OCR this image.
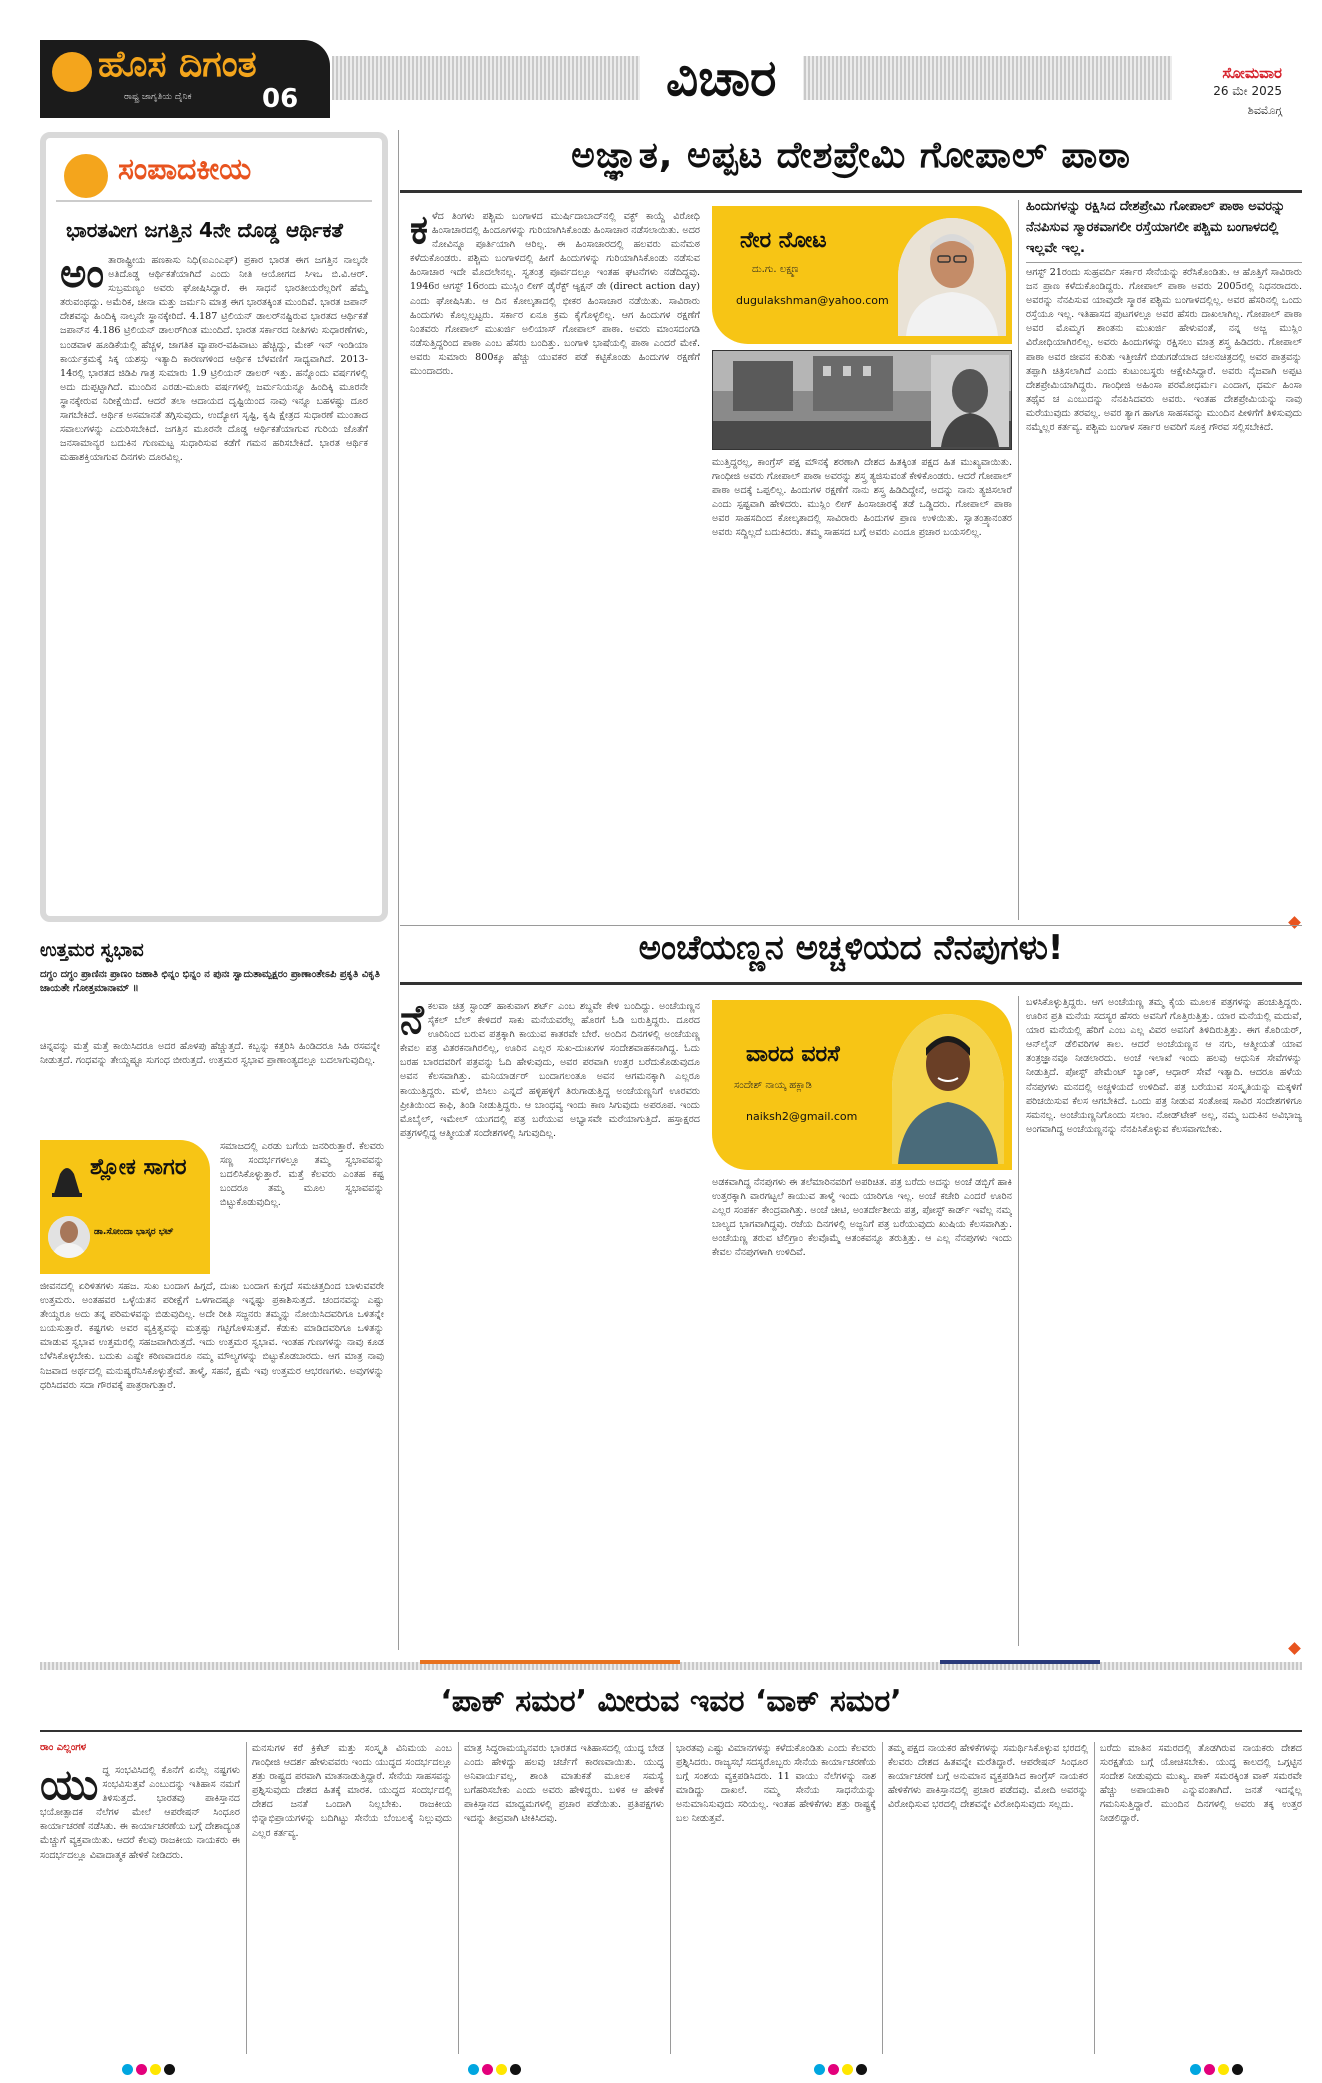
ಹೊಸ ದಿಗಂತ
ರಾಷ್ಟ್ರ ಜಾಗೃತಿಯ ದೈನಿಕ	06	ವಿಚಾರ	ಸೋಮವಾರ
26 ಮೇ 2025
ಶಿವಮೊಗ್ಗ
ಸಂಪಾದಕೀಯ
ಭಾರತವೀಗ ಜಗತ್ತಿನ 4ನೇ ದೊಡ್ಡ ಆರ್ಥಿಕತೆ
ಅಂ ತಾರಾಷ್ಟ್ರೀಯ ಹಣಕಾಸು ನಿಧಿ(ಐಎಂಎಫ್) ಪ್ರಕಾರ ಭಾರತ ಈಗ ಜಗತ್ತಿನ ನಾಲ್ಕನೇ ಅತಿದೊಡ್ಡ ಆರ್ಥಿಕತೆಯಾಗಿದೆ ಎಂದು ನೀತಿ ಆಯೋಗದ ಸಿಇಒ ಬಿ.ವಿ.ಆರ್. ಸುಬ್ರಮಣ್ಯಂ ಅವರು ಘೋಷಿಸಿದ್ದಾರೆ. ಈ ಸಾಧನೆ ಭಾರತೀಯರೆಲ್ಲರಿಗೆ ಹೆಮ್ಮೆ ತರುವಂಥದ್ದು. ಅಮೆರಿಕ, ಚೀನಾ ಮತ್ತು ಜರ್ಮನಿ ಮಾತ್ರ ಈಗ ಭಾರತಕ್ಕಿಂತ ಮುಂದಿವೆ. ಭಾರತ ಜಪಾನ್ ದೇಶವನ್ನು ಹಿಂದಿಕ್ಕಿ ನಾಲ್ಕನೇ ಸ್ಥಾನಕ್ಕೇರಿದೆ. 4.187 ಟ್ರಿಲಿಯನ್ ಡಾಲರ್‌ನಷ್ಟಿರುವ ಭಾರತದ ಆರ್ಥಿಕತೆ ಜಪಾನ್‌ನ 4.186 ಟ್ರಿಲಿಯನ್ ಡಾಲರ್‌ಗಿಂತ ಮುಂದಿದೆ. ಭಾರತ ಸರ್ಕಾರದ ನೀತಿಗಳು ಸುಧಾರಣೆಗಳು, ಬಂಡವಾಳ ಹೂಡಿಕೆಯಲ್ಲಿ ಹೆಚ್ಚಳ, ಜಾಗತಿಕ ವ್ಯಾಪಾರ-ವಹಿವಾಟು ಹೆಚ್ಚಿದ್ದು, ಮೇಕ್ ಇನ್ ಇಂಡಿಯಾ ಕಾರ್ಯಕ್ರಮಕ್ಕೆ ಸಿಕ್ಕ ಯಶಸ್ಸು ಇತ್ಯಾದಿ ಕಾರಣಗಳಿಂದ ಆರ್ಥಿಕ ಬೆಳವಣಿಗೆ ಸಾಧ್ಯವಾಗಿದೆ. 2013-14ರಲ್ಲಿ ಭಾರತದ ಜಿಡಿಪಿ ಗಾತ್ರ ಸುಮಾರು 1.9 ಟ್ರಿಲಿಯನ್ ಡಾಲರ್ ಇತ್ತು. ಹನ್ನೊಂದು ವರ್ಷಗಳಲ್ಲಿ ಅದು ದುಪ್ಪಟ್ಟಾಗಿದೆ. ಮುಂದಿನ ಎರಡು-ಮೂರು ವರ್ಷಗಳಲ್ಲಿ ಜರ್ಮನಿಯನ್ನೂ ಹಿಂದಿಕ್ಕಿ ಮೂರನೇ ಸ್ಥಾನಕ್ಕೇರುವ ನಿರೀಕ್ಷೆಯಿದೆ. ಆದರೆ ತಲಾ ಆದಾಯದ ದೃಷ್ಟಿಯಿಂದ ನಾವು ಇನ್ನೂ ಬಹಳಷ್ಟು ದೂರ ಸಾಗಬೇಕಿದೆ. ಆರ್ಥಿಕ ಅಸಮಾನತೆ ತಗ್ಗಿಸುವುದು, ಉದ್ಯೋಗ ಸೃಷ್ಟಿ, ಕೃಷಿ ಕ್ಷೇತ್ರದ ಸುಧಾರಣೆ ಮುಂತಾದ ಸವಾಲುಗಳನ್ನು ಎದುರಿಸಬೇಕಿದೆ. ಜಗತ್ತಿನ ಮೂರನೇ ದೊಡ್ಡ ಆರ್ಥಿಕತೆಯಾಗುವ ಗುರಿಯ ಜೊತೆಗೆ ಜನಸಾಮಾನ್ಯರ ಬದುಕಿನ ಗುಣಮಟ್ಟ ಸುಧಾರಿಸುವ ಕಡೆಗೆ ಗಮನ ಹರಿಸಬೇಕಿದೆ. ಭಾರತ ಆರ್ಥಿಕ ಮಹಾಶಕ್ತಿಯಾಗುವ ದಿನಗಳು ದೂರವಿಲ್ಲ.
ಅಜ್ಞಾತ, ಅಪ್ಪಟ ದೇಶಪ್ರೇಮಿ ಗೋಪಾಲ್ ಪಾಠಾ
ಕ ಳೆದ ತಿಂಗಳು ಪಶ್ಚಿಮ ಬಂಗಾಳದ ಮುರ್ಷಿದಾಬಾದ್‌ನಲ್ಲಿ ವಕ್ಫ್ ಕಾಯ್ದೆ ವಿರೋಧಿ ಹಿಂಸಾಚಾರದಲ್ಲಿ ಹಿಂದೂಗಳನ್ನು ಗುರಿಯಾಗಿಸಿಕೊಂಡು ಹಿಂಸಾಚಾರ ನಡೆಸಲಾಯಿತು. ಅದರ ನೋವಿನ್ನೂ ಪೂರ್ತಿಯಾಗಿ ಆರಿಲ್ಲ. ಈ ಹಿಂಸಾಚಾರದಲ್ಲಿ ಹಲವರು ಮನೆಮಠ ಕಳೆದುಕೊಂಡರು. ಪಶ್ಚಿಮ ಬಂಗಾಳದಲ್ಲಿ ಹೀಗೆ ಹಿಂದುಗಳನ್ನು ಗುರಿಯಾಗಿಸಿಕೊಂಡು ನಡೆಸುವ ಹಿಂಸಾಚಾರ ಇದೇ ಮೊದಲೇನಲ್ಲ. ಸ್ವತಂತ್ರ ಪೂರ್ವದಲ್ಲೂ ಇಂತಹ ಘಟನೆಗಳು ನಡೆದಿದ್ದವು. 1946ರ ಆಗಸ್ಟ್ 16ರಂದು ಮುಸ್ಲಿಂ ಲೀಗ್ ಡೈರೆಕ್ಟ್ ಆ್ಯಕ್ಷನ್ ಡೇ (direct action day) ಎಂದು ಘೋಷಿಸಿತು. ಆ ದಿನ ಕೋಲ್ಕತಾದಲ್ಲಿ ಭೀಕರ ಹಿಂಸಾಚಾರ ನಡೆಯಿತು. ಸಾವಿರಾರು ಹಿಂದುಗಳು ಕೊಲ್ಲಲ್ಪಟ್ಟರು. ಸರ್ಕಾರ ಏನೂ ಕ್ರಮ ಕೈಗೊಳ್ಳಲಿಲ್ಲ. ಆಗ ಹಿಂದುಗಳ ರಕ್ಷಣೆಗೆ ನಿಂತವರು ಗೋಪಾಲ್ ಮುಖರ್ಜಿ ಅಲಿಯಾಸ್ ಗೋಪಾಲ್ ಪಾಠಾ. ಅವರು ಮಾಂಸದಂಗಡಿ ನಡೆಸುತ್ತಿದ್ದರಿಂದ ಪಾಠಾ ಎಂಬ ಹೆಸರು ಬಂದಿತ್ತು. ಬಂಗಾಳಿ ಭಾಷೆಯಲ್ಲಿ ಪಾಠಾ ಎಂದರೆ ಮೇಕೆ. ಅವರು ಸುಮಾರು 800ಕ್ಕೂ ಹೆಚ್ಚು ಯುವಕರ ಪಡೆ ಕಟ್ಟಿಕೊಂಡು ಹಿಂದುಗಳ ರಕ್ಷಣೆಗೆ ಮುಂದಾದರು.
ನೇರ ನೋಟ
ದು.ಗು. ಲಕ್ಷ್ಮಣ
dugulakshman@yahoo.com
ಮುತ್ತಿದ್ದರಲ್ಲ, ಕಾಂಗ್ರೆಸ್ ಪಕ್ಷ ಮೌನಕ್ಕೆ ಶರಣಾಗಿ ದೇಶದ ಹಿತಕ್ಕಿಂತ ಪಕ್ಷದ ಹಿತ ಮುಖ್ಯವಾಯಿತು. ಗಾಂಧೀಜಿ ಅವರು ಗೋಪಾಲ್ ಪಾಠಾ ಅವರನ್ನು ಶಸ್ತ್ರ ತ್ಯಜಿಸುವಂತೆ ಕೇಳಿಕೊಂಡರು. ಆದರೆ ಗೋಪಾಲ್ ಪಾಠಾ ಅದಕ್ಕೆ ಒಪ್ಪಲಿಲ್ಲ. ಹಿಂದುಗಳ ರಕ್ಷಣೆಗೆ ನಾನು ಶಸ್ತ್ರ ಹಿಡಿದಿದ್ದೇನೆ, ಅದನ್ನು ನಾನು ತ್ಯಜಿಸಲಾರೆ ಎಂದು ಸ್ಪಷ್ಟವಾಗಿ ಹೇಳಿದರು. ಮುಸ್ಲಿಂ ಲೀಗ್ ಹಿಂಸಾಚಾರಕ್ಕೆ ತಡೆ ಒಡ್ಡಿದರು. ಗೋಪಾಲ್ ಪಾಠಾ ಅವರ ಸಾಹಸದಿಂದ ಕೋಲ್ಕತಾದಲ್ಲಿ ಸಾವಿರಾರು ಹಿಂದುಗಳ ಪ್ರಾಣ ಉಳಿಯಿತು. ಸ್ವಾತಂತ್ರ್ಯಾನಂತರ ಅವರು ಸದ್ದಿಲ್ಲದೆ ಬದುಕಿದರು. ತಮ್ಮ ಸಾಹಸದ ಬಗ್ಗೆ ಅವರು ಎಂದೂ ಪ್ರಚಾರ ಬಯಸಲಿಲ್ಲ.
ಹಿಂದುಗಳನ್ನು ರಕ್ಷಿಸಿದ ದೇಶಪ್ರೇಮಿ ಗೋಪಾಲ್ ಪಾಠಾ ಅವರನ್ನು ನೆನಪಿಸುವ ಸ್ಮಾರಕವಾಗಲೀ ರಸ್ತೆಯಾಗಲೀ ಪಶ್ಚಿಮ ಬಂಗಾಳದಲ್ಲಿ ಇಲ್ಲವೇ ಇಲ್ಲ.
ಆಗಸ್ಟ್ 21ರಂದು ಸುಹ್ರವರ್ದಿ ಸರ್ಕಾರ ಸೇನೆಯನ್ನು ಕರೆಸಿಕೊಂಡಿತು. ಆ ಹೊತ್ತಿಗೆ ಸಾವಿರಾರು ಜನ ಪ್ರಾಣ ಕಳೆದುಕೊಂಡಿದ್ದರು. ಗೋಪಾಲ್ ಪಾಠಾ ಅವರು 2005ರಲ್ಲಿ ನಿಧನರಾದರು. ಅವರನ್ನು ನೆನಪಿಸುವ ಯಾವುದೇ ಸ್ಮಾರಕ ಪಶ್ಚಿಮ ಬಂಗಾಳದಲ್ಲಿಲ್ಲ. ಅವರ ಹೆಸರಿನಲ್ಲಿ ಒಂದು ರಸ್ತೆಯೂ ಇಲ್ಲ. ಇತಿಹಾಸದ ಪುಟಗಳಲ್ಲೂ ಅವರ ಹೆಸರು ದಾಖಲಾಗಿಲ್ಲ. ಗೋಪಾಲ್ ಪಾಠಾ ಅವರ ಮೊಮ್ಮಗ ಶಾಂತನು ಮುಖರ್ಜಿ ಹೇಳುವಂತೆ, ನನ್ನ ಅಜ್ಜ ಮುಸ್ಲಿಂ ವಿರೋಧಿಯಾಗಿರಲಿಲ್ಲ. ಅವರು ಹಿಂದುಗಳನ್ನು ರಕ್ಷಿಸಲು ಮಾತ್ರ ಶಸ್ತ್ರ ಹಿಡಿದರು. ಗೋಪಾಲ್ ಪಾಠಾ ಅವರ ಜೀವನ ಕುರಿತು ಇತ್ತೀಚೆಗೆ ಬಿಡುಗಡೆಯಾದ ಚಲನಚಿತ್ರದಲ್ಲಿ ಅವರ ಪಾತ್ರವನ್ನು ತಪ್ಪಾಗಿ ಚಿತ್ರಿಸಲಾಗಿದೆ ಎಂದು ಕುಟುಂಬಸ್ಥರು ಆಕ್ಷೇಪಿಸಿದ್ದಾರೆ. ಅವರು ನೈಜವಾಗಿ ಅಪ್ಪಟ ದೇಶಪ್ರೇಮಿಯಾಗಿದ್ದರು. ಗಾಂಧೀಜಿ ಅಹಿಂಸಾ ಪರಮೋಧರ್ಮಃ ಎಂದಾಗ, ಧರ್ಮ ಹಿಂಸಾ ತಥೈವ ಚ ಎಂಬುದನ್ನು ನೆನಪಿಸಿದವರು ಅವರು. ಇಂತಹ ದೇಶಪ್ರೇಮಿಯನ್ನು ನಾವು ಮರೆಯುವುದು ತರವಲ್ಲ. ಅವರ ತ್ಯಾಗ ಹಾಗೂ ಸಾಹಸವನ್ನು ಮುಂದಿನ ಪೀಳಿಗೆಗೆ ತಿಳಿಸುವುದು ನಮ್ಮೆಲ್ಲರ ಕರ್ತವ್ಯ. ಪಶ್ಚಿಮ ಬಂಗಾಳ ಸರ್ಕಾರ ಅವರಿಗೆ ಸೂಕ್ತ ಗೌರವ ಸಲ್ಲಿಸಬೇಕಿದೆ.
ಉತ್ತಮರ ಸ್ವಭಾವ
ದಗ್ಧಂ ದಗ್ಧಂ ಪ್ರಾಣಿನಃ ಪ್ರಾಣಂ ಜಹಾತಿ ಛಿನ್ನಂ ಭಿನ್ನಂ ನ ಪುನಃ ಸ್ವಾದುತಾಮ್ಪಕ್ಷರಂ ಪ್ರಾಣಾಂತೇಽಪಿ ಪ್ರಕೃತಿ ವಿಕೃತಿ ಜಾಯತೇ ಗೋತ್ತಮಾನಾಮ್ ॥
ಚಿನ್ನವನ್ನು ಮತ್ತೆ ಮತ್ತೆ ಕಾಯಿಸಿದರೂ ಅದರ ಹೊಳಪು ಹೆಚ್ಚುತ್ತದೆ. ಕಬ್ಬನ್ನು ಕತ್ತರಿಸಿ ಹಿಂಡಿದರೂ ಸಿಹಿ ರಸವನ್ನೇ ನೀಡುತ್ತದೆ. ಗಂಧವನ್ನು ತೇಯ್ದಷ್ಟೂ ಸುಗಂಧ ಬೀರುತ್ತದೆ. ಉತ್ತಮರ ಸ್ವಭಾವ ಪ್ರಾಣಾಂತ್ಯದಲ್ಲೂ ಬದಲಾಗುವುದಿಲ್ಲ.
ಶ್ಲೋಕ ಸಾಗರ
ಡಾ.ಸೋಂದಾ ಭಾಸ್ಕರ ಭಟ್
ಸಮಾಜದಲ್ಲಿ ಎರಡು ಬಗೆಯ ಜನರಿರುತ್ತಾರೆ. ಕೆಲವರು ಸಣ್ಣ ಸಂದರ್ಭಗಳಲ್ಲೂ ತಮ್ಮ ಸ್ವಭಾವವನ್ನು ಬದಲಿಸಿಕೊಳ್ಳುತ್ತಾರೆ. ಮತ್ತೆ ಕೆಲವರು ಎಂತಹ ಕಷ್ಟ ಬಂದರೂ ತಮ್ಮ ಮೂಲ ಸ್ವಭಾವವನ್ನು ಬಿಟ್ಟುಕೊಡುವುದಿಲ್ಲ.
ಜೀವನದಲ್ಲಿ ಏರಿಳಿತಗಳು ಸಹಜ. ಸುಖ ಬಂದಾಗ ಹಿಗ್ಗದೆ, ದುಃಖ ಬಂದಾಗ ಕುಗ್ಗದೆ ಸಮಚಿತ್ತದಿಂದ ಬಾಳುವವರೇ ಉತ್ತಮರು. ಅಂತಹವರ ಒಳ್ಳೆಯತನ ಪರೀಕ್ಷೆಗೆ ಒಳಗಾದಷ್ಟೂ ಇನ್ನಷ್ಟು ಪ್ರಕಾಶಿಸುತ್ತದೆ. ಚಂದನವನ್ನು ಎಷ್ಟು ತೇಯ್ದರೂ ಅದು ತನ್ನ ಪರಿಮಳವನ್ನು ಬಿಡುವುದಿಲ್ಲ. ಅದೇ ರೀತಿ ಸಜ್ಜನರು ತಮ್ಮನ್ನು ನೋಯಿಸಿದವರಿಗೂ ಒಳಿತನ್ನೇ ಬಯಸುತ್ತಾರೆ. ಕಷ್ಟಗಳು ಅವರ ವ್ಯಕ್ತಿತ್ವವನ್ನು ಮತ್ತಷ್ಟು ಗಟ್ಟಿಗೊಳಿಸುತ್ತವೆ. ಕೆಡುಕು ಮಾಡಿದವರಿಗೂ ಒಳಿತನ್ನು ಮಾಡುವ ಸ್ವಭಾವ ಉತ್ತಮರಲ್ಲಿ ಸಹಜವಾಗಿರುತ್ತದೆ. ಇದು ಉತ್ತಮರ ಸ್ವಭಾವ. ಇಂತಹ ಗುಣಗಳನ್ನು ನಾವು ಕೂಡ ಬೆಳೆಸಿಕೊಳ್ಳಬೇಕು. ಬದುಕು ಎಷ್ಟೇ ಕಠಿಣವಾದರೂ ನಮ್ಮ ಮೌಲ್ಯಗಳನ್ನು ಬಿಟ್ಟುಕೊಡಬಾರದು. ಆಗ ಮಾತ್ರ ನಾವು ನಿಜವಾದ ಅರ್ಥದಲ್ಲಿ ಮನುಷ್ಯರೆನಿಸಿಕೊಳ್ಳುತ್ತೇವೆ. ತಾಳ್ಮೆ, ಸಹನೆ, ಕ್ಷಮೆ ಇವು ಉತ್ತಮರ ಆಭರಣಗಳು. ಅವುಗಳನ್ನು ಧರಿಸಿದವರು ಸದಾ ಗೌರವಕ್ಕೆ ಪಾತ್ರರಾಗುತ್ತಾರೆ.
ಅಂಚೆಯಣ್ಣನ ಅಚ್ಚಳಿಯದ ನೆನಪುಗಳು!
ನೆ ಕಲವಾ ಚಿತ್ರ ಸ್ಟಾಂಡ್ ಹಾಕುವಾಗ ಶರ್ಟ್ ಎಂಬ ಶಬ್ದವೇ ಕೇಳಿ ಬಂದಿದ್ದು. ಅಂಚೆಯಣ್ಣನ ಸೈಕಲ್ ಬೆಲ್ ಕೇಳಿದರೆ ಸಾಕು ಮನೆಯವರೆಲ್ಲ ಹೊರಗೆ ಓಡಿ ಬರುತ್ತಿದ್ದರು. ದೂರದ ಊರಿನಿಂದ ಬರುವ ಪತ್ರಕ್ಕಾಗಿ ಕಾಯುವ ಕಾತರವೇ ಬೇರೆ. ಅಂದಿನ ದಿನಗಳಲ್ಲಿ ಅಂಚೆಯಣ್ಣ ಕೇವಲ ಪತ್ರ ವಿತರಕನಾಗಿರಲಿಲ್ಲ, ಊರಿನ ಎಲ್ಲರ ಸುಖ-ದುಃಖಗಳ ಸಂದೇಶವಾಹಕನಾಗಿದ್ದ. ಓದು ಬರಹ ಬಾರದವರಿಗೆ ಪತ್ರವನ್ನು ಓದಿ ಹೇಳುವುದು, ಅವರ ಪರವಾಗಿ ಉತ್ತರ ಬರೆದುಕೊಡುವುದೂ ಅವನ ಕೆಲಸವಾಗಿತ್ತು. ಮನಿಯಾರ್ಡರ್ ಬಂದಾಗಲಂತೂ ಅವನ ಆಗಮನಕ್ಕಾಗಿ ಎಲ್ಲರೂ ಕಾಯುತ್ತಿದ್ದರು. ಮಳೆ, ಬಿಸಿಲು ಎನ್ನದೆ ಹಳ್ಳಿಹಳ್ಳಿಗೆ ತಿರುಗಾಡುತ್ತಿದ್ದ ಅಂಚೆಯಣ್ಣನಿಗೆ ಊರವರು ಪ್ರೀತಿಯಿಂದ ಕಾಫಿ, ತಿಂಡಿ ನೀಡುತ್ತಿದ್ದರು. ಆ ಬಾಂಧವ್ಯ ಇಂದು ಕಾಣ ಸಿಗುವುದು ಅಪರೂಪ. ಇಂದು ಮೊಬೈಲ್, ಇಮೇಲ್ ಯುಗದಲ್ಲಿ ಪತ್ರ ಬರೆಯುವ ಅಭ್ಯಾಸವೇ ಮರೆಯಾಗುತ್ತಿದೆ. ಹಸ್ತಾಕ್ಷರದ ಪತ್ರಗಳಲ್ಲಿದ್ದ ಆತ್ಮೀಯತೆ ಸಂದೇಶಗಳಲ್ಲಿ ಸಿಗುವುದಿಲ್ಲ.
ವಾರದ ವರಸೆ
ಸಂದೇಶ್ ನಾಯ್ಕ ಹಕ್ಲಾಡಿ
naiksh2@gmail.com
ಅಡಕವಾಗಿದ್ದ ನೆನಪುಗಳು ಈ ತಲೆಮಾರಿನವರಿಗೆ ಅಪರಿಚಿತ. ಪತ್ರ ಬರೆದು ಅದನ್ನು ಅಂಚೆ ಡಬ್ಬಿಗೆ ಹಾಕಿ ಉತ್ತರಕ್ಕಾಗಿ ವಾರಗಟ್ಟಲೆ ಕಾಯುವ ತಾಳ್ಮೆ ಇಂದು ಯಾರಿಗೂ ಇಲ್ಲ. ಅಂಚೆ ಕಚೇರಿ ಎಂದರೆ ಊರಿನ ಎಲ್ಲರ ಸಂಪರ್ಕ ಕೇಂದ್ರವಾಗಿತ್ತು. ಅಂಚೆ ಚೀಟಿ, ಅಂತರ್ದೇಶೀಯ ಪತ್ರ, ಪೋಸ್ಟ್ ಕಾರ್ಡ್ ಇವೆಲ್ಲ ನಮ್ಮ ಬಾಲ್ಯದ ಭಾಗವಾಗಿದ್ದವು. ರಜೆಯ ದಿನಗಳಲ್ಲಿ ಅಜ್ಜನಿಗೆ ಪತ್ರ ಬರೆಯುವುದು ಖುಷಿಯ ಕೆಲಸವಾಗಿತ್ತು. ಅಂಚೆಯಣ್ಣ ತರುವ ಟೆಲಿಗ್ರಾಂ ಕೆಲವೊಮ್ಮೆ ಆತಂಕವನ್ನೂ ತರುತ್ತಿತ್ತು. ಆ ಎಲ್ಲ ನೆನಪುಗಳು ಇಂದು ಕೇವಲ ನೆನಪುಗಳಾಗಿ ಉಳಿದಿವೆ.
ಬಳಸಿಕೊಳ್ಳುತ್ತಿದ್ದರು. ಆಗ ಅಂಚೆಯಣ್ಣ ತಮ್ಮ ಕೈಯ ಮೂಲಕ ಪತ್ರಗಳನ್ನು ಹಂಚುತ್ತಿದ್ದರು. ಊರಿನ ಪ್ರತಿ ಮನೆಯ ಸದಸ್ಯರ ಹೆಸರು ಅವನಿಗೆ ಗೊತ್ತಿರುತ್ತಿತ್ತು. ಯಾರ ಮನೆಯಲ್ಲಿ ಮದುವೆ, ಯಾರ ಮನೆಯಲ್ಲಿ ಹೆರಿಗೆ ಎಂಬ ಎಲ್ಲ ವಿವರ ಅವನಿಗೆ ತಿಳಿದಿರುತ್ತಿತ್ತು. ಈಗ ಕೊರಿಯರ್, ಆನ್‌ಲೈನ್ ಡೆಲಿವರಿಗಳ ಕಾಲ. ಆದರೆ ಅಂಚೆಯಣ್ಣನ ಆ ನಗು, ಆತ್ಮೀಯತೆ ಯಾವ ತಂತ್ರಜ್ಞಾನವೂ ನೀಡಲಾರದು. ಅಂಚೆ ಇಲಾಖೆ ಇಂದು ಹಲವು ಆಧುನಿಕ ಸೇವೆಗಳನ್ನು ನೀಡುತ್ತಿದೆ. ಪೋಸ್ಟ್ ಪೇಮೆಂಟ್ ಬ್ಯಾಂಕ್, ಆಧಾರ್ ಸೇವೆ ಇತ್ಯಾದಿ. ಆದರೂ ಹಳೆಯ ನೆನಪುಗಳು ಮನದಲ್ಲಿ ಅಚ್ಚಳಿಯದೆ ಉಳಿದಿವೆ. ಪತ್ರ ಬರೆಯುವ ಸಂಸ್ಕೃತಿಯನ್ನು ಮಕ್ಕಳಿಗೆ ಪರಿಚಯಿಸುವ ಕೆಲಸ ಆಗಬೇಕಿದೆ. ಒಂದು ಪತ್ರ ನೀಡುವ ಸಂತೋಷ ಸಾವಿರ ಸಂದೇಶಗಳಿಗೂ ಸಮನಲ್ಲ. ಅಂಚೆಯಣ್ಣನಿಗೊಂದು ಸಲಾಂ. ನೋಡ್‌ಟೇಕ್ ಅಲ್ಲ, ನಮ್ಮ ಬದುಕಿನ ಅವಿಭಾಜ್ಯ ಅಂಗವಾಗಿದ್ದ ಅಂಚೆಯಣ್ಣನನ್ನು ನೆನಪಿಸಿಕೊಳ್ಳುವ ಕೆಲಸವಾಗಬೇಕು.
‘ಪಾಕ್ ಸಮರ’ ಮೀರುವ ಇವರ ‘ವಾಕ್ ಸಮರ’
ರಾಂ ಎಲ್ಲಂಗಳ
ಯು ದ್ಧ ಸಂಭವಿಸಿದಲ್ಲಿ ಕೊನೆಗೆ ಏನೆಲ್ಲ ನಷ್ಟಗಳು ಸಂಭವಿಸುತ್ತವೆ ಎಂಬುದನ್ನು ಇತಿಹಾಸ ನಮಗೆ ತಿಳಿಸುತ್ತದೆ. ಭಾರತವು ಪಾಕಿಸ್ತಾನದ ಭಯೋತ್ಪಾದಕ ನೆಲೆಗಳ ಮೇಲೆ ಆಪರೇಷನ್ ಸಿಂಧೂರ ಕಾರ್ಯಾಚರಣೆ ನಡೆಸಿತು. ಈ ಕಾರ್ಯಾಚರಣೆಯ ಬಗ್ಗೆ ದೇಶಾದ್ಯಂತ ಮೆಚ್ಚುಗೆ ವ್ಯಕ್ತವಾಯಿತು. ಆದರೆ ಕೆಲವು ರಾಜಕೀಯ ನಾಯಕರು ಈ ಸಂದರ್ಭದಲ್ಲೂ ವಿವಾದಾತ್ಮಕ ಹೇಳಿಕೆ ನೀಡಿದರು.
ಮನಸುಗಳ ಕರೆ ಕ್ರಿಕೆಟ್ ಮತ್ತು ಸಂಸ್ಕೃತಿ ವಿನಿಮಯ ಎಂಬ ಗಾಂಧೀಜಿ ಆದರ್ಶ ಹೇಳುವವರು ಇಂದು ಯುದ್ಧದ ಸಂದರ್ಭದಲ್ಲೂ ಶತ್ರು ರಾಷ್ಟ್ರದ ಪರವಾಗಿ ಮಾತನಾಡುತ್ತಿದ್ದಾರೆ. ಸೇನೆಯ ಸಾಹಸವನ್ನು ಪ್ರಶ್ನಿಸುವುದು ದೇಶದ ಹಿತಕ್ಕೆ ಮಾರಕ. ಯುದ್ಧದ ಸಂದರ್ಭದಲ್ಲಿ ದೇಶದ ಜನತೆ ಒಂದಾಗಿ ನಿಲ್ಲಬೇಕು. ರಾಜಕೀಯ ಭಿನ್ನಾಭಿಪ್ರಾಯಗಳನ್ನು ಬದಿಗಿಟ್ಟು ಸೇನೆಯ ಬೆಂಬಲಕ್ಕೆ ನಿಲ್ಲುವುದು ಎಲ್ಲರ ಕರ್ತವ್ಯ.
ಮಾತ್ರ ಸಿದ್ಧರಾಮಯ್ಯನವರು ಭಾರತದ ಇತಿಹಾಸದಲ್ಲಿ ಯುದ್ಧ ಬೇಡ ಎಂದು ಹೇಳಿದ್ದು ಹಲವು ಚರ್ಚೆಗೆ ಕಾರಣವಾಯಿತು. ಯುದ್ಧ ಅನಿವಾರ್ಯವಲ್ಲ, ಶಾಂತಿ ಮಾತುಕತೆ ಮೂಲಕ ಸಮಸ್ಯೆ ಬಗೆಹರಿಸಬೇಕು ಎಂದು ಅವರು ಹೇಳಿದ್ದರು. ಬಳಿಕ ಆ ಹೇಳಿಕೆ ಪಾಕಿಸ್ತಾನದ ಮಾಧ್ಯಮಗಳಲ್ಲಿ ಪ್ರಚಾರ ಪಡೆಯಿತು. ಪ್ರತಿಪಕ್ಷಗಳು ಇದನ್ನು ತೀವ್ರವಾಗಿ ಟೀಕಿಸಿದವು.
ಭಾರತವು ಎಷ್ಟು ವಿಮಾನಗಳನ್ನು ಕಳೆದುಕೊಂಡಿತು ಎಂದು ಕೆಲವರು ಪ್ರಶ್ನಿಸಿದರು. ರಾಜ್ಯಸಭೆ ಸದಸ್ಯರೊಬ್ಬರು ಸೇನೆಯ ಕಾರ್ಯಾಚರಣೆಯ ಬಗ್ಗೆ ಸಂಶಯ ವ್ಯಕ್ತಪಡಿಸಿದರು. 11 ವಾಯು ನೆಲೆಗಳನ್ನು ನಾಶ ಮಾಡಿದ್ದು ದಾಖಲೆ. ನಮ್ಮ ಸೇನೆಯ ಸಾಧನೆಯನ್ನು ಅನುಮಾನಿಸುವುದು ಸರಿಯಲ್ಲ. ಇಂತಹ ಹೇಳಿಕೆಗಳು ಶತ್ರು ರಾಷ್ಟ್ರಕ್ಕೆ ಬಲ ನೀಡುತ್ತವೆ.
ತಮ್ಮ ಪಕ್ಷದ ನಾಯಕರ ಹೇಳಿಕೆಗಳನ್ನು ಸಮರ್ಥಿಸಿಕೊಳ್ಳುವ ಭರದಲ್ಲಿ ಕೆಲವರು ದೇಶದ ಹಿತವನ್ನೇ ಮರೆತಿದ್ದಾರೆ. ಆಪರೇಷನ್ ಸಿಂಧೂರ ಕಾರ್ಯಾಚರಣೆ ಬಗ್ಗೆ ಅನುಮಾನ ವ್ಯಕ್ತಪಡಿಸಿದ ಕಾಂಗ್ರೆಸ್ ನಾಯಕರ ಹೇಳಿಕೆಗಳು ಪಾಕಿಸ್ತಾನದಲ್ಲಿ ಪ್ರಚಾರ ಪಡೆದವು. ಮೋದಿ ಅವರನ್ನು ವಿರೋಧಿಸುವ ಭರದಲ್ಲಿ ದೇಶವನ್ನೇ ವಿರೋಧಿಸುವುದು ಸಲ್ಲದು.
ಬರೆದು ಮಾತಿನ ಸಮರದಲ್ಲಿ ತೊಡಗಿರುವ ನಾಯಕರು ದೇಶದ ಸುರಕ್ಷತೆಯ ಬಗ್ಗೆ ಯೋಚಿಸಬೇಕು. ಯುದ್ಧ ಕಾಲದಲ್ಲಿ ಒಗ್ಗಟ್ಟಿನ ಸಂದೇಶ ನೀಡುವುದು ಮುಖ್ಯ. ಪಾಕ್ ಸಮರಕ್ಕಿಂತ ವಾಕ್ ಸಮರವೇ ಹೆಚ್ಚು ಅಪಾಯಕಾರಿ ಎನ್ನುವಂತಾಗಿದೆ. ಜನತೆ ಇದನ್ನೆಲ್ಲ ಗಮನಿಸುತ್ತಿದ್ದಾರೆ. ಮುಂದಿನ ದಿನಗಳಲ್ಲಿ ಅವರು ತಕ್ಕ ಉತ್ತರ ನೀಡಲಿದ್ದಾರೆ.
